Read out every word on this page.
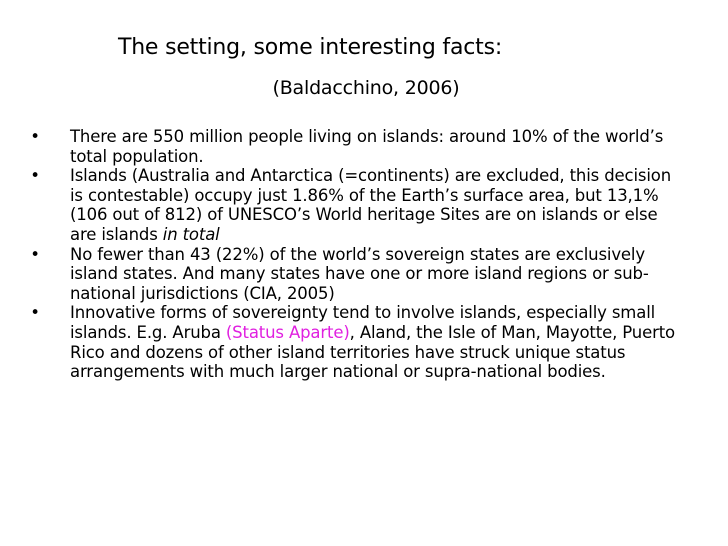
The setting, some interesting facts:
(Baldacchino, 2006)
• There are 550 million people living on islands: around 10% of the world’s total population.
• Islands (Australia and Antarctica (=continents) are excluded, this decision is contestable) occupy just 1.86% of the Earth’s surface area, but 13,1% (106 out of 812) of UNESCO’s World heritage Sites are on islands or else are islands in total
• No fewer than 43 (22%) of the world’s sovereign states are exclusively island states. And many states have one or more island regions or sub-national jurisdictions (CIA, 2005)
• Innovative forms of sovereignty tend to involve islands, especially small islands. E.g. Aruba (Status Aparte), Aland, the Isle of Man, Mayotte, Puerto Rico and dozens of other island territories have struck unique status arrangements with much larger national or supra-national bodies.
